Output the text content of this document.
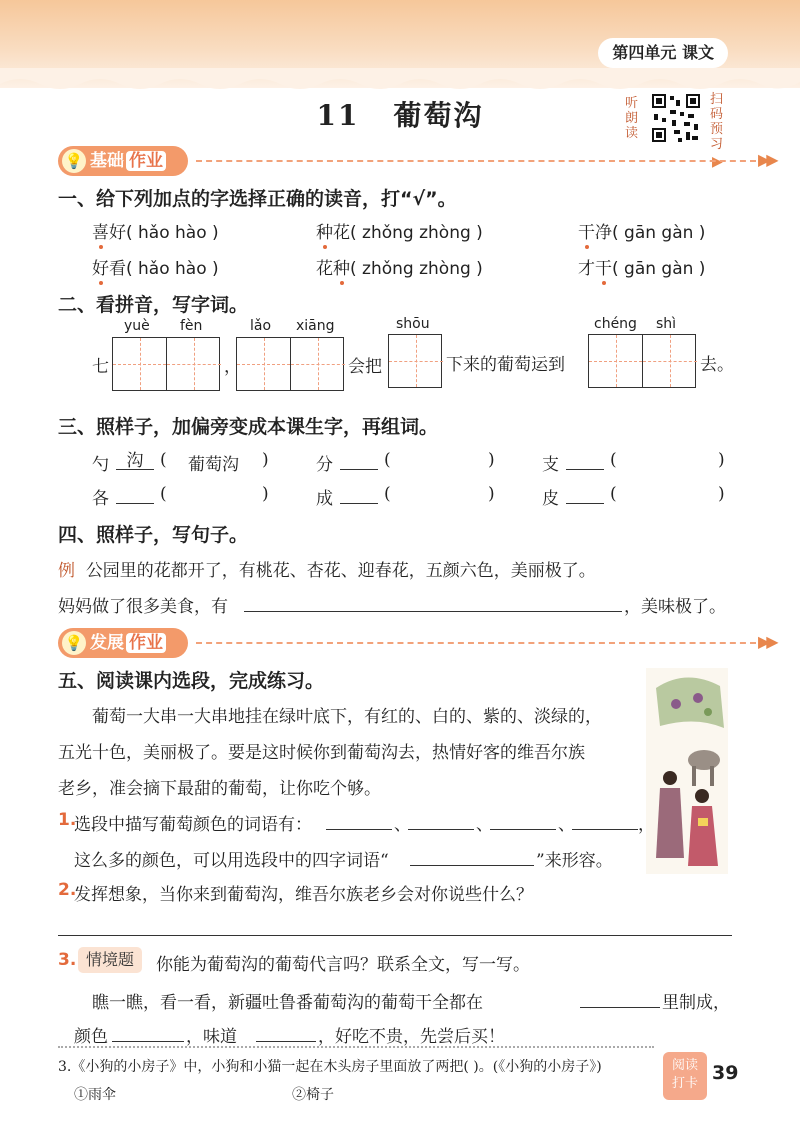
第四单元 课文
11 葡萄沟	听朗读
扫码预习
▶
💡 基础 作业	▶▶
一、给下列加点的字选择正确的读音，打“√”。
喜好( hǎo hào )	种花( zhǒng zhòng )	干净( gān gàn )
好看( hǎo hào )	花种( zhǒng zhòng )	才干( gān gàn )
二、看拼音，写字词。
yuè fèn	lǎo xiāng	shōu	chéng shì
七	，	会把	下来的葡萄运到	去。
三、照样子，加偏旁变成本课生字，再组词。
勺	沟 ( 葡萄沟 )	分	(	)	支	(	)
各	(	)	成	(	)	皮	(	)
四、照样子，写句子。
例 公园里的花都开了，有桃花、杏花、迎春花，五颜六色，美丽极了。
妈妈做了很多美食，有	，美味极了。
💡 发展 作业	▶▶
五、阅读课内选段，完成练习。
葡萄一大串一大串地挂在绿叶底下，有红的、白的、紫的、淡绿的，
五光十色，美丽极了。要是这时候你到葡萄沟去，热情好客的维吾尔族
老乡，准会摘下最甜的葡萄，让你吃个够。
1.
选段中描写葡萄颜色的词语有：	、	、	、	，
这么多的颜色，可以用选段中的四字词语“	”来形容。
2.
发挥想象，当你来到葡萄沟，维吾尔族老乡会对你说些什么？
3. 情境题	你能为葡萄沟的葡萄代言吗？联系全文，写一写。
瞧一瞧，看一看，新疆吐鲁番葡萄沟的葡萄干全都在	里制成，
颜色	，味道	，好吃不贵，先尝后买！
3.《小狗的小房子》中，小狗和小猫一起在木头房子里面放了两把( )。(《小狗的小房子》)
①雨伞	②椅子
阅读
打卡 39
